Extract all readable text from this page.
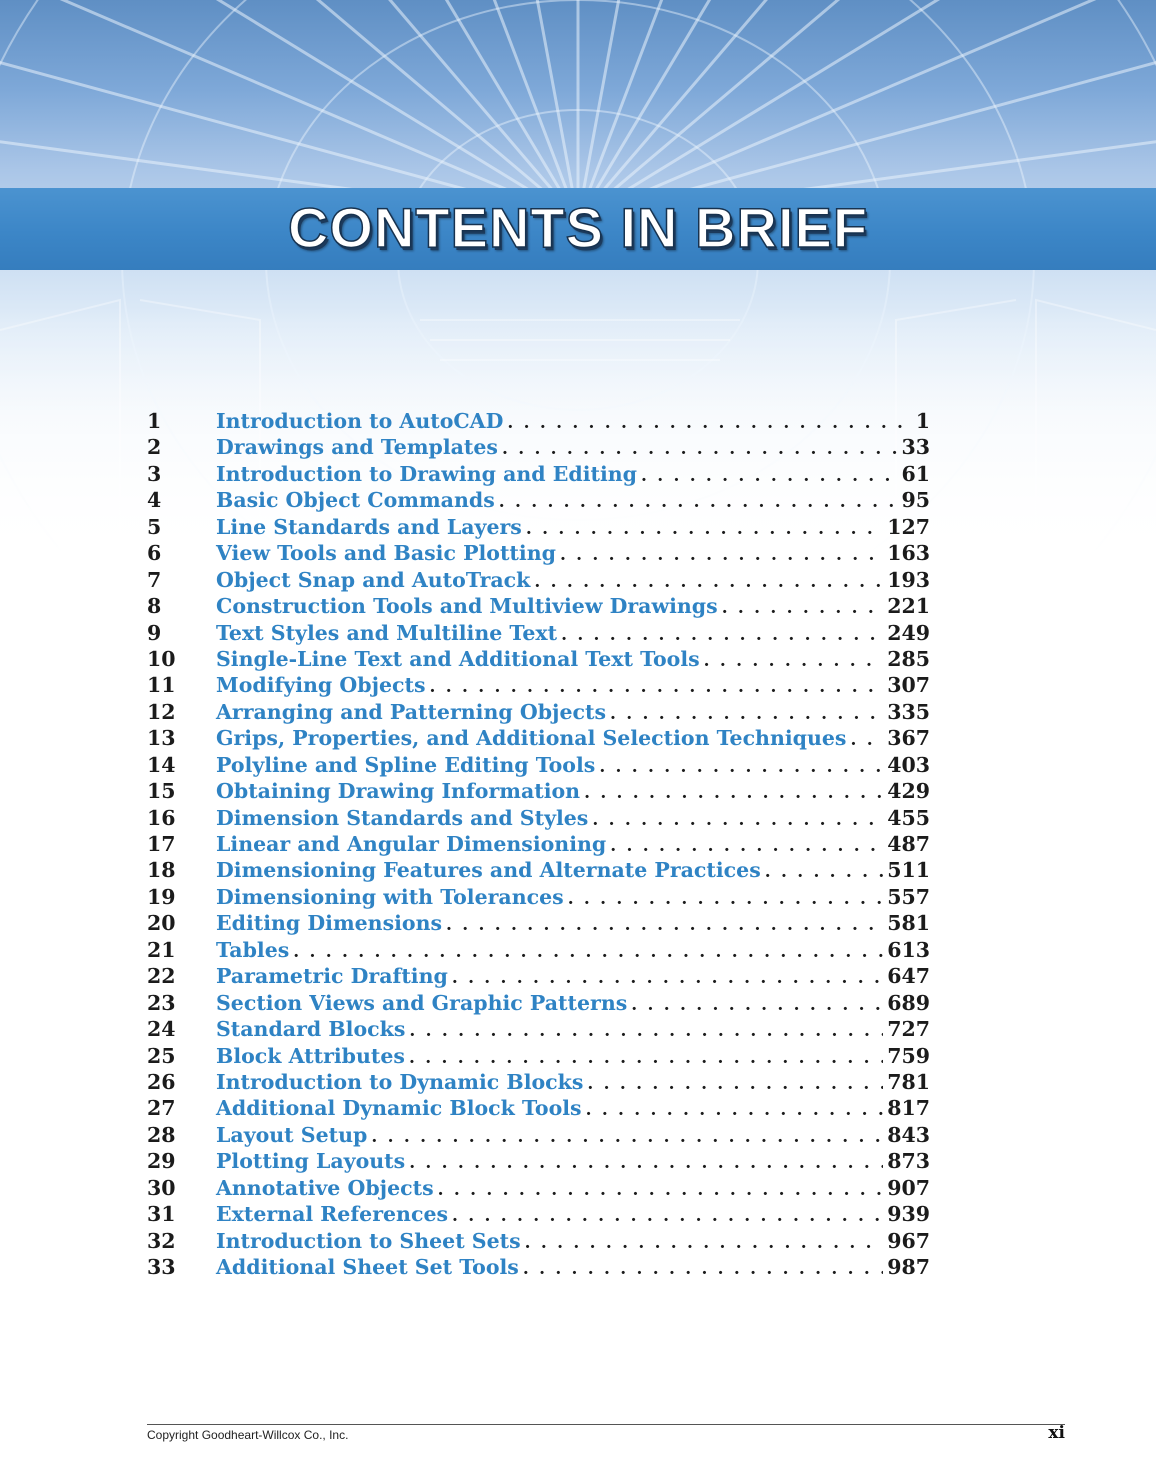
CONTENTS IN BRIEF
1	Introduction to AutoCAD . . .	1
2	Drawings and Templates . . .	33
3	Introduction to Drawing and Editing . . .	61
4	Basic Object Commands . . .	95
5	Line Standards and Layers . . .	127
6	View Tools and Basic Plotting . . .	163
7	Object Snap and AutoTrack . . .	193
8	Construction Tools and Multiview Drawings . . .	221
9	Text Styles and Multiline Text . . .	249
10	Single-Line Text and Additional Text Tools . . .	285
11	Modifying Objects . . .	307
12	Arranging and Patterning Objects . . .	335
13	Grips, Properties, and Additional Selection Techniques . . . 367
14	Polyline and Spline Editing Tools . . .	403
15	Obtaining Drawing Information . . .	429
16	Dimension Standards and Styles . . .	455
17	Linear and Angular Dimensioning . . .	487
18	Dimensioning Features and Alternate Practices . . .	511
19	Dimensioning with Tolerances . . .	557
20	Editing Dimensions . . .	581
21	Tables . . .	613
22	Parametric Drafting . . .	647
23	Section Views and Graphic Patterns . . .	689
24	Standard Blocks . . .	727
25	Block Attributes . . .	759
26	Introduction to Dynamic Blocks . . .	781
27	Additional Dynamic Block Tools . . .	817
28	Layout Setup . . .	843
29	Plotting Layouts . . .	873
30	Annotative Objects . . .	907
31	External References . . .	939
32	Introduction to Sheet Sets . . .	967
33	Additional Sheet Set Tools . . .	987
Copyright Goodheart-Willcox Co., Inc.	xi
